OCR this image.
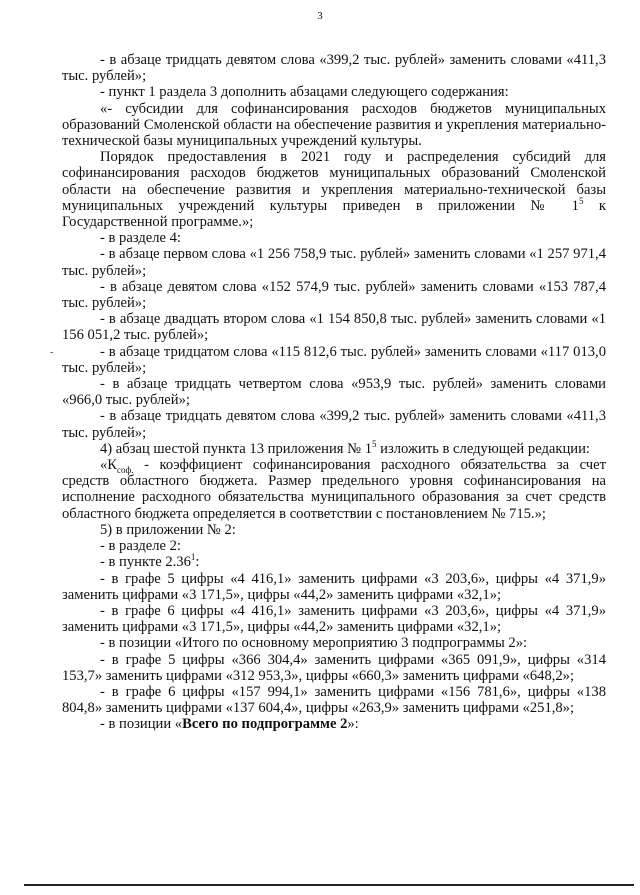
3
-

- в абзаце тридцать девятом слова «399,2 тыс. рублей» заменить словами «411,3 тыс. рублей»;

- пункт 1 раздела 3 дополнить абзацами следующего содержания:

«- субсидии для софинансирования расходов бюджетов муниципальных образований Смоленской области на обеспечение развития и укрепления материально-технической базы муниципальных учреждений культуры.

Порядок предоставления в 2021 году и распределения субсидий для софинансирования расходов бюджетов муниципальных образований Смоленской области на обеспечение развития и укрепления материально-технической базы муниципальных учреждений культуры приведен в приложении № $1^5$ к Государственной программе.»;

- в разделе 4:

- в абзаце первом слова «1 256 758,9 тыс. рублей» заменить словами «1 257 971,4 тыс. рублей»;

- в абзаце девятом слова «152 574,9 тыс. рублей» заменить словами «153 787,4 тыс. рублей»;

- в абзаце двадцать втором слова «1 154 850,8 тыс. рублей» заменить словами «1 156 051,2 тыс. рублей»;

- в абзаце тридцатом слова «115 812,6 тыс. рублей» заменить словами «117 013,0 тыс. рублей»;

- в абзаце тридцать четвертом слова «953,9 тыс. рублей» заменить словами «966,0 тыс. рублей»;

- в абзаце тридцать девятом слова «399,2 тыс. рублей» заменить словами «411,3 тыс. рублей»;

4) абзац шестой пункта 13 приложения № $1^5$ изложить в следующей редакции:

«$К_{соф.}$ - коэффициент софинансирования расходного обязательства за счет средств областного бюджета. Размер предельного уровня софинансирования на исполнение расходного обязательства муниципального образования за счет средств областного бюджета определяется в соответствии с постановлением № 715.»;

5) в приложении № 2:

- в разделе 2:

- в пункте 2.36$^1$:

- в графе 5 цифры «4 416,1» заменить цифрами «3 203,6», цифры «4 371,9» заменить цифрами «3 171,5», цифры «44,2» заменить цифрами «32,1»;

- в графе 6 цифры «4 416,1» заменить цифрами «3 203,6», цифры «4 371,9» заменить цифрами «3 171,5», цифры «44,2» заменить цифрами «32,1»;

- в позиции «Итого по основному мероприятию 3 подпрограммы 2»:

- в графе 5 цифры «366 304,4» заменить цифрами «365 091,9», цифры «314 153,7» заменить цифрами «312 953,3», цифры «660,3» заменить цифрами «648,2»;

- в графе 6 цифры «157 994,1» заменить цифрами «156 781,6», цифры «138 804,8» заменить цифрами «137 604,4», цифры «263,9» заменить цифрами «251,8»;

- в позиции «Всего по подпрограмме 2»:
